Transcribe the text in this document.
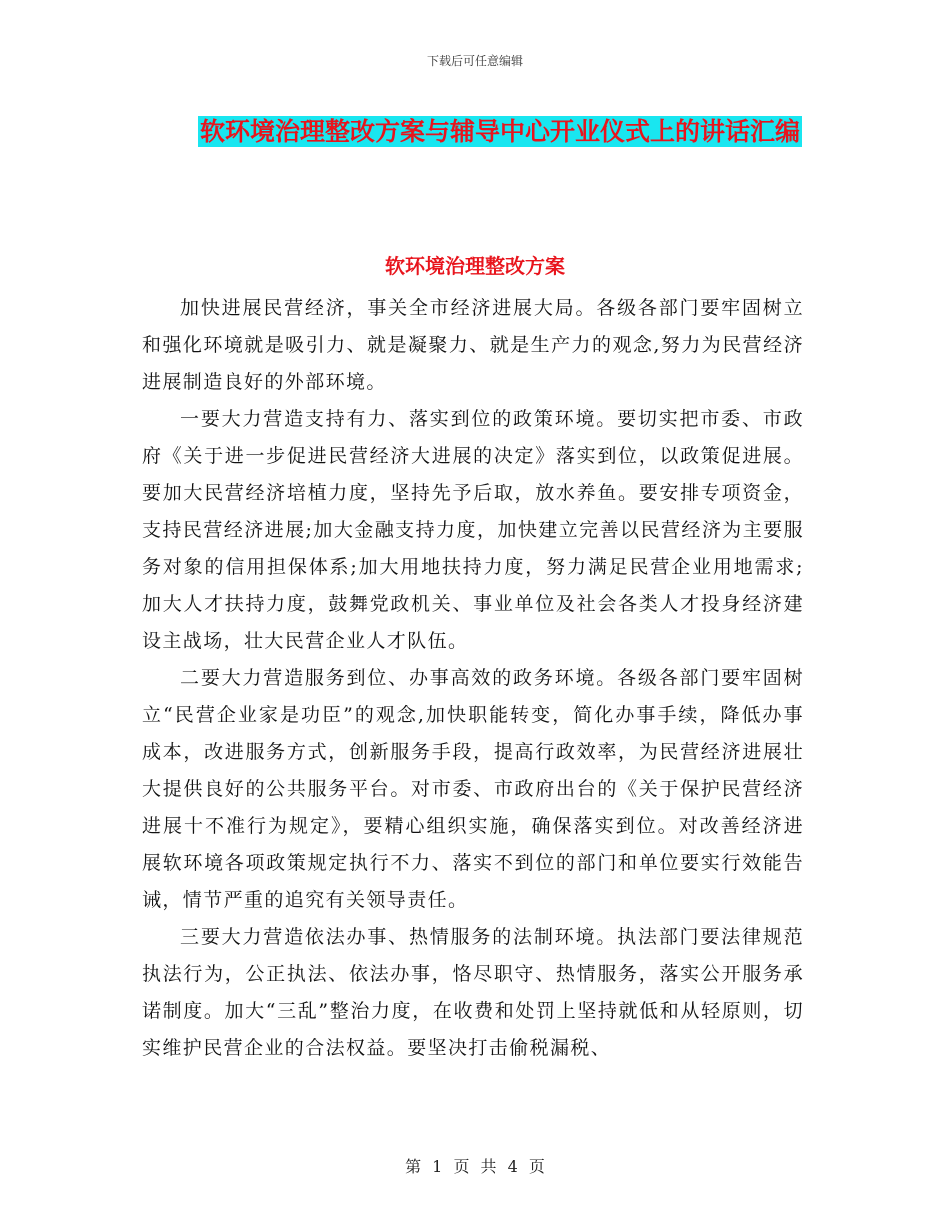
下载后可任意编辑
软环境治理整改方案与辅导中心开业仪式上的讲话汇编
软环境治理整改方案

加快进展民营经济，事关全市经济进展大局。各级各部门要牢固树立和强化环境就是吸引力、就是凝聚力、就是生产力的观念,努力为民营经济进展制造良好的外部环境。

一要大力营造支持有力、落实到位的政策环境。要切实把市委、市政府《关于进一步促进民营经济大进展的决定》落实到位，以政策促进展。要加大民营经济培植力度，坚持先予后取，放水养鱼。要安排专项资金，支持民营经济进展;加大金融支持力度，加快建立完善以民营经济为主要服务对象的信用担保体系;加大用地扶持力度，努力满足民营企业用地需求;加大人才扶持力度，鼓舞党政机关、事业单位及社会各类人才投身经济建设主战场，壮大民营企业人才队伍。

二要大力营造服务到位、办事高效的政务环境。各级各部门要牢固树立“民营企业家是功臣”的观念,加快职能转变，简化办事手续，降低办事成本，改进服务方式，创新服务手段，提高行政效率，为民营经济进展壮大提供良好的公共服务平台。对市委、市政府出台的《关于保护民营经济进展十不准行为规定》，要精心组织实施，确保落实到位。对改善经济进展软环境各项政策规定执行不力、落实不到位的部门和单位要实行效能告诫，情节严重的追究有关领导责任。

三要大力营造依法办事、热情服务的法制环境。执法部门要法律规范执法行为，公正执法、依法办事，恪尽职守、热情服务，落实公开服务承诺制度。加大“三乱”整治力度，在收费和处罚上坚持就低和从轻原则，切实维护民营企业的合法权益。要坚决打击偷税漏税、

第 1 页 共 4 页
